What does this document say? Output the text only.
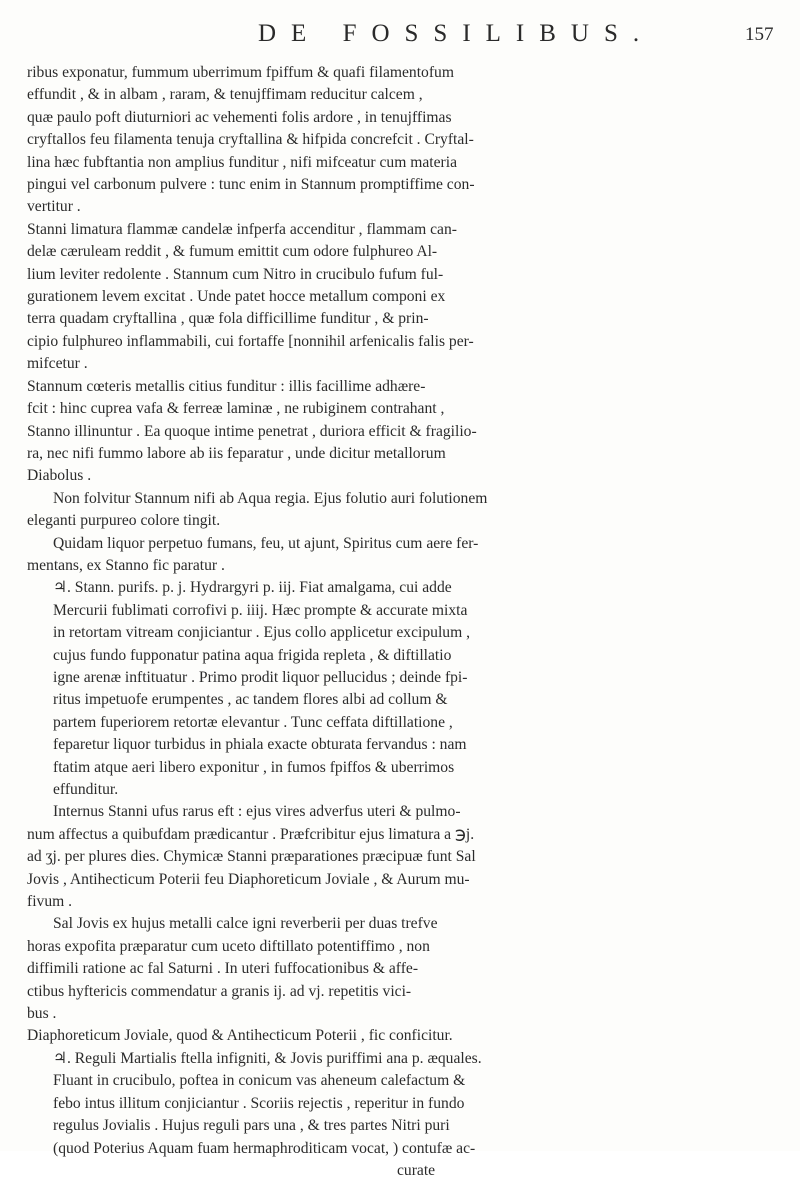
DE FOSSILIBUS.	157
ribus exponatur, fummum uberrimum fpiffum & quafi filamentofum
effundit , & in albam , raram, & tenujffimam reducitur calcem ,
quæ paulo poft diuturniori ac vehementi folis ardore , in tenujffimas
cryftallos feu filamenta tenuja cryftallina & hifpida concrefcit . Cryftal-
lina hæc fubftantia non amplius funditur , nifi mifceatur cum materia
pingui vel carbonum pulvere : tunc enim in Stannum promptiffime con-
vertitur .
Stanni limatura flammæ candelæ infperfa accenditur , flammam can-
delæ cæruleam reddit , & fumum emittit cum odore fulphureo Al-
lium leviter redolente . Stannum cum Nitro in crucibulo fufum ful-
gurationem levem excitat . Unde patet hocce metallum componi ex
terra quadam cryftallina , quæ fola difficillime funditur , & prin-
cipio fulphureo inflammabili, cui fortaffe [nonnihil arfenicalis falis per-
mifcetur .
Stannum cœteris metallis citius funditur : illis facillime adhære-
fcit : hinc cuprea vafa & ferreæ laminæ , ne rubiginem contrahant ,
Stanno illinuntur . Ea quoque intime penetrat , duriora efficit & fragilio-
ra, nec nifi fummo labore ab iis feparatur , unde dicitur metallorum
Diabolus .
Non folvitur Stannum nifi ab Aqua regia. Ejus folutio auri folutionem
eleganti purpureo colore tingit.
Quidam liquor perpetuo fumans, feu, ut ajunt, Spiritus cum aere fer-
mentans, ex Stanno fic paratur .
♃. Stann. purifs. p. j. Hydrargyri p. iij. Fiat amalgama, cui adde
Mercurii fublimati corrofivi p. iiij. Hæc prompte & accurate mixta
in retortam vitream conjiciantur . Ejus collo applicetur excipulum ,
cujus fundo fupponatur patina aqua frigida repleta , & diftillatio
igne arenæ inftituatur . Primo prodit liquor pellucidus ; deinde fpi-
ritus impetuofe erumpentes , ac tandem flores albi ad collum &
partem fuperiorem retortæ elevantur . Tunc ceffata diftillatione ,
feparetur liquor turbidus in phiala exacte obturata fervandus : nam
ftatim atque aeri libero exponitur , in fumos fpiffos & uberrimos
effunditur.
Internus Stanni ufus rarus eft : ejus vires adverfus uteri & pulmo-
num affectus a quibufdam prædicantur . Præfcribitur ejus limatura a ℈j.
ad ʒj. per plures dies. Chymicæ Stanni præparationes præcipuæ funt Sal
Jovis , Antihecticum Poterii feu Diaphoreticum Joviale , & Aurum mu-
fivum .
Sal Jovis ex hujus metalli calce igni reverberii per duas trefve
horas expofita præparatur cum uceto diftillato potentiffimo , non
diffimili ratione ac fal Saturni . In uteri fuffocationibus & affe-
ctibus hyftericis commendatur a granis ij. ad vj. repetitis vici-
bus .
Diaphoreticum Joviale, quod & Antihecticum Poterii , fic conficitur.
♃. Reguli Martialis ftella infigniti, & Jovis puriffimi ana p. æquales.
Fluant in crucibulo, poftea in conicum vas aheneum calefactum &
febo intus illitum conjiciantur . Scoriis rejectis , reperitur in fundo
regulus Jovialis . Hujus reguli pars una , & tres partes Nitri puri
(quod Poterius Aquam fuam hermaphroditicam vocat, ) contufæ ac-
curate
